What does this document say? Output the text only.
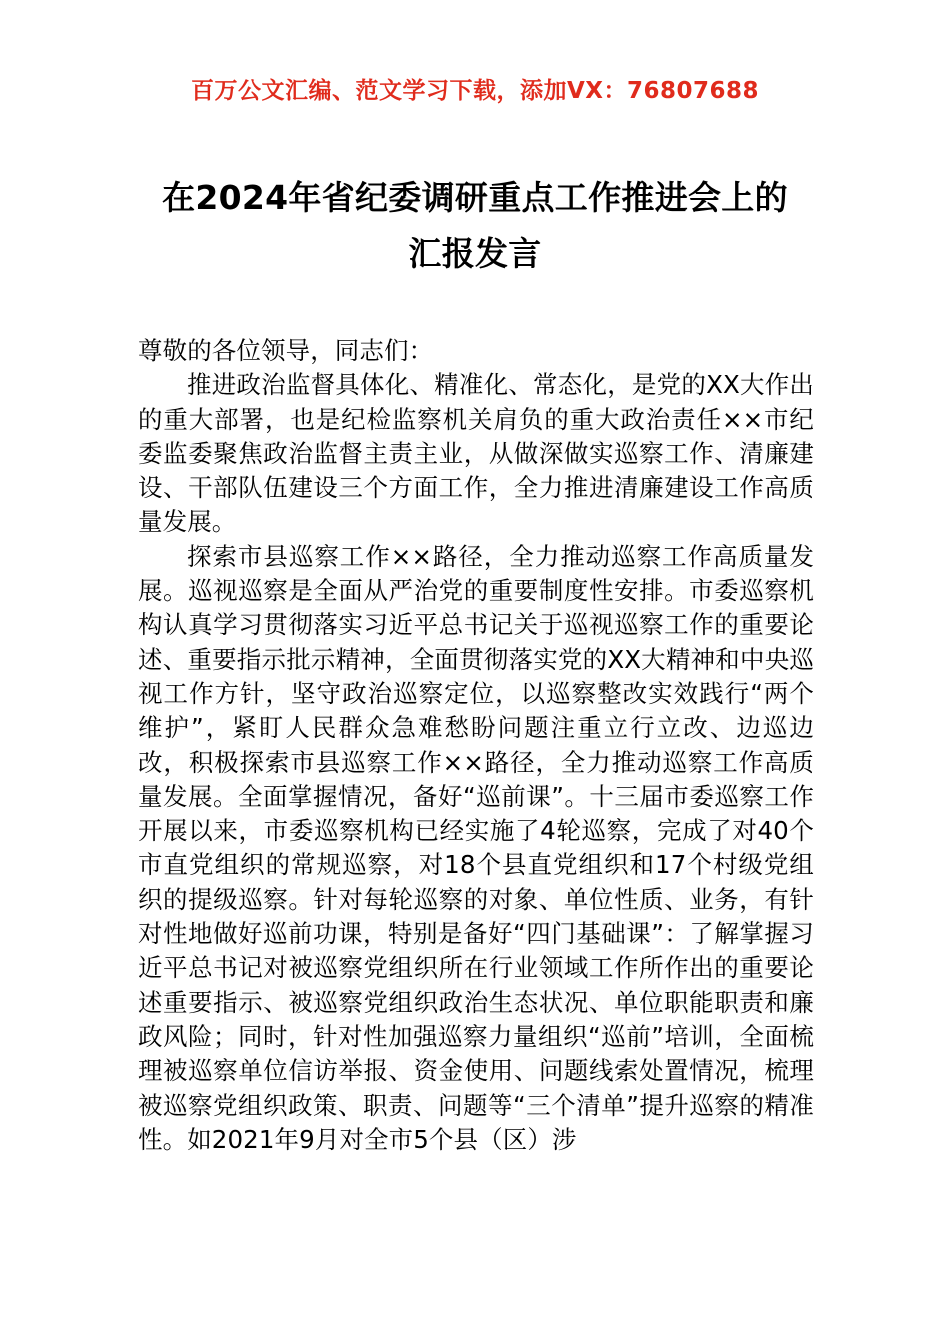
百万公文汇编、范文学习下载，添加VX：76807688
在2024年省纪委调研重点工作推进会上的
汇报发言

尊敬的各位领导，同志们：

推进政治监督具体化、精准化、常态化，是党的XX大作出的重大部署，也是纪检监察机关肩负的重大政治责任××市纪委监委聚焦政治监督主责主业，从做深做实巡察工作、清廉建设、干部队伍建设三个方面工作，全力推进清廉建设工作高质量发展。

探索市县巡察工作××路径，全力推动巡察工作高质量发展。巡视巡察是全面从严治党的重要制度性安排。市委巡察机构认真学习贯彻落实习近平总书记关于巡视巡察工作的重要论述、重要指示批示精神，全面贯彻落实党的XX大精神和中央巡视工作方针，坚守政治巡察定位，以巡察整改实效践行“两个维护”，紧盯人民群众急难愁盼问题注重立行立改、边巡边改，积极探索市县巡察工作××路径，全力推动巡察工作高质量发展。全面掌握情况，备好“巡前课”。十三届市委巡察工作开展以来，市委巡察机构已经实施了4轮巡察，完成了对40个市直党组织的常规巡察，对18个县直党组织和17个村级党组织的提级巡察。针对每轮巡察的对象、单位性质、业务，有针对性地做好巡前功课，特别是备好“四门基础课”：了解掌握习近平总书记对被巡察党组织所在行业领域工作所作出的重要论述重要指示、被巡察党组织政治生态状况、单位职能职责和廉政风险；同时，针对性加强巡察力量组织“巡前”培训，全面梳理被巡察单位信访举报、资金使用、问题线索处置情况，梳理被巡察党组织政策、职责、问题等“三个清单”提升巡察的精准性。如2021年9月对全市5个县（区）涉
